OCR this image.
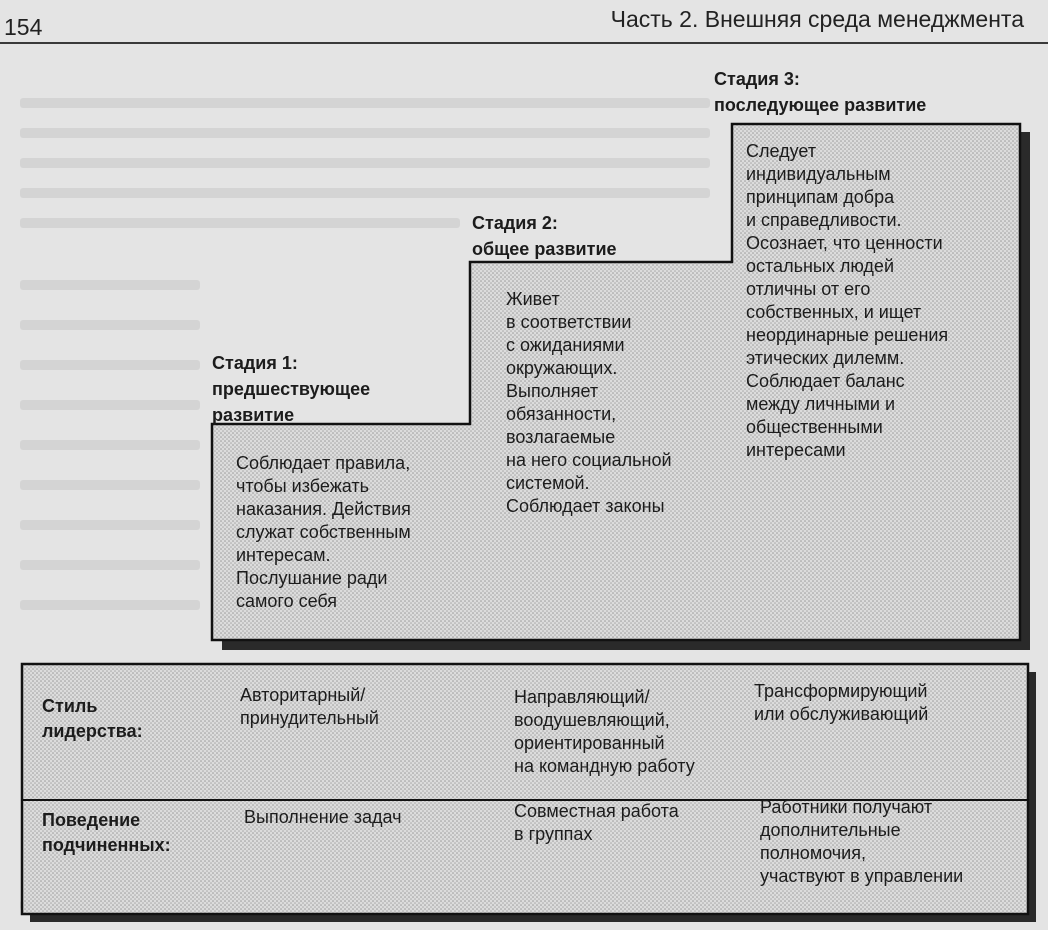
154	Часть 2. Внешняя среда менеджмента
Стадия 1:
предшествующее
развитие
Стадия 2:
общее развитие
Стадия 3:
последующее развитие
Соблюдает правила,
чтобы избежать
наказания. Действия
служат собственным
интересам.
Послушание ради
самого себя
Живет
в соответствии
с ожиданиями
окружающих.
Выполняет
обязанности,
возлагаемые
на него социальной
системой.
Соблюдает законы
Следует
индивидуальным
принципам добра
и справедливости.
Осознает, что ценности
остальных людей
отличны от его
собственных, и ищет
неординарные решения
этических дилемм.
Соблюдает баланс
между личными и
общественными
интересами
Стиль
лидерства:
Авторитарный/
принудительный
Направляющий/
воодушевляющий,
ориентированный
на командную работу
Трансформирующий
или обслуживающий
Поведение
подчиненных:
Выполнение задач	Совместная работа
в группах
Работники получают
дополнительные
полномочия,
участвуют в управлении
